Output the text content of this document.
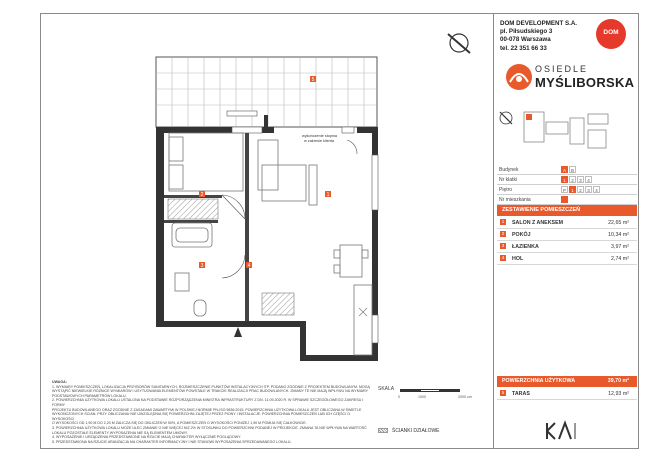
5
1
2
3	4
wykończenie stopnia
w zakresie klienta
DOM DEVELOPMENT S.A.
pl. Piłsudskiego 3
00-078 Warszawa
tel. 22 351 66 33
DOM
OSIEDLE
MYŚLIBORSKA
Budynek	A	B
Nr klatki	1	2	3	4
Piętro	P	1	2	3	4
Nr mieszkania
ZESTAWIENIE POMIESZCZEŃ
1	SALON Z ANEKSEM	22,65 m²
2	POKÓJ	10,34 m²
3	ŁAZIENKA	3,97 m²
4	HOL	2,74 m²
POWIERZCHNIA UŻYTKOWA	39,70 m²
5	TARAS	12,93 m²
UWAGA:
1. WYMIARY POMIESZCZEŃ, LOKALIZACJA PRZYBORÓW SANITARNYCH, ROZMIESZCZENIE PUNKTÓW INSTALACYJNYCH ITP. PODANO ZGODNIE Z PROJEKTEM BUDOWLANYM. MOGĄ
WYSTĄPIĆ NIEWIELKIE RÓŻNICE WYMIARÓW I USYTUOWANIA ELEMENTÓW POWSTAŁE W TRAKCIE REALIZACJI PRAC BUDOWLANYCH. ZMIANY TE NIE MAJĄ WPŁYWU NA WYMIARY
PODSTAWOWYCH PARAMETRÓW LOKALU.
2. POWIERZCHNIA UŻYTKOWA LOKALU USTALONA NA PODSTAWIE ROZPORZĄDZENIA MINISTRA INFRASTRUKTURY Z DN. 11.09.2020 R. W SPRAWIE SZCZEGÓŁOWEGO ZAKRESU I FORMY
PROJEKTU BUDOWLANEGO ORAZ ZGODNIE Z ZASADAMI ZAWARTYMI W POLSKIEJ NORMIE PN-ISO 9836:2015. POWIERZCHNIA UŻYTKOWA LOKALU JEST OBLICZANA W ŚWIETLE
WYKOŃCZONYCH ŚCIAN. PRZY OBLICZANIU NIE UWZGLĘDNIA SIĘ POWIERZCHNI ZAJĘTEJ PRZEZ PIONY I INSTALACJE. POWIERZCHNIA POMIESZCZEŃ LUB ICH CZĘŚCI O WYSOKOŚCI
O WYSOKOŚCI OD 1,90 M DO 2,20 M ZALICZA SIĘ DO OBLICZEŃ W 50%, A POMIESZCZEŃ O WYSOKOŚCI PONIŻEJ 1,90 M POMIJA SIĘ CAŁKOWICIE.
3. POWIERZCHNIA UŻYTKOWA LOKALU MOŻE ULEC ZMIANIE O NIE WIĘCEJ NIŻ 2% W STOSUNKU DO POWIERZCHNI PODANEJ W PROJEKCIE. ZMIANA TA NIE WPŁYWA NA WARTOŚĆ
LOKALU POZOSTAŁE ELEMENTY WYPOSAŻENIA NIE SĄ ELEMENTEM UMOWY.
4. WYPOSAŻENIE I URZĄDZENIA PRZEDSTAWIONE NA RZUCIE MAJĄ CHARAKTER WYŁĄCZNIE POGLĄDOWY.
5. PRZEDSTAWIONA NA RZUCIE ARANŻACJA MA CHARAKTER INFORMACYJNY I NIE STANOWI WYPOSAŻENIA SPRZEDAWANEGO LOKALU.
SKALA
0	1000	2000 cm
ŚCIANKI DZIAŁOWE
